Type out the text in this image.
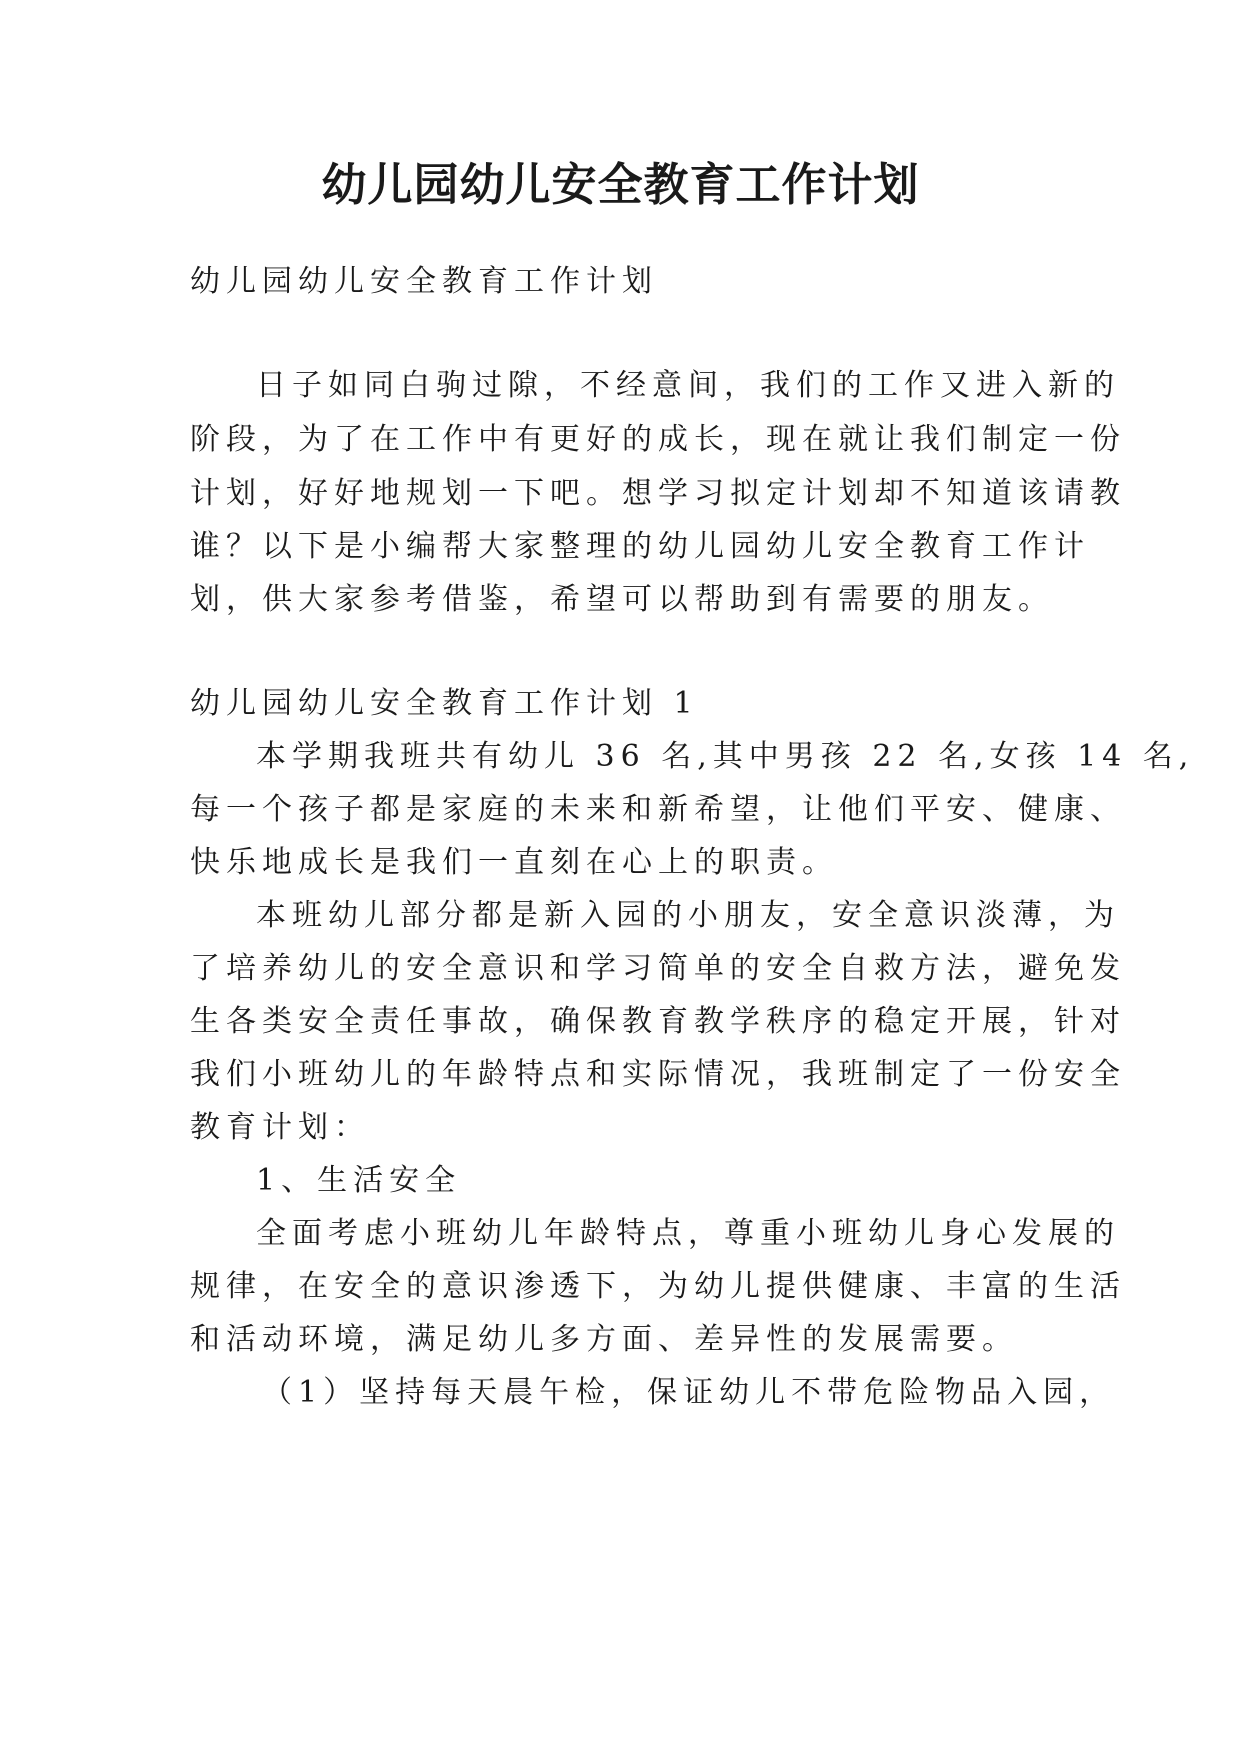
幼儿园幼儿安全教育工作计划
幼儿园幼儿安全教育工作计划
日子如同白驹过隙，不经意间，我们的工作又进入新的
阶段，为了在工作中有更好的成长，现在就让我们制定一份
计划，好好地规划一下吧。想学习拟定计划却不知道该请教
谁？以下是小编帮大家整理的幼儿园幼儿安全教育工作计
划，供大家参考借鉴，希望可以帮助到有需要的朋友。
幼儿园幼儿安全教育工作计划 1
本学期我班共有幼儿 36 名,其中男孩 22 名,女孩 14 名,
每一个孩子都是家庭的未来和新希望，让他们平安、健康、
快乐地成长是我们一直刻在心上的职责。
本班幼儿部分都是新入园的小朋友，安全意识淡薄，为
了培养幼儿的安全意识和学习简单的安全自救方法，避免发
生各类安全责任事故，确保教育教学秩序的稳定开展，针对
我们小班幼儿的年龄特点和实际情况，我班制定了一份安全
教育计划：
1、生活安全
全面考虑小班幼儿年龄特点，尊重小班幼儿身心发展的
规律，在安全的意识渗透下，为幼儿提供健康、丰富的生活
和活动环境，满足幼儿多方面、差异性的发展需要。
（1）坚持每天晨午检，保证幼儿不带危险物品入园，
